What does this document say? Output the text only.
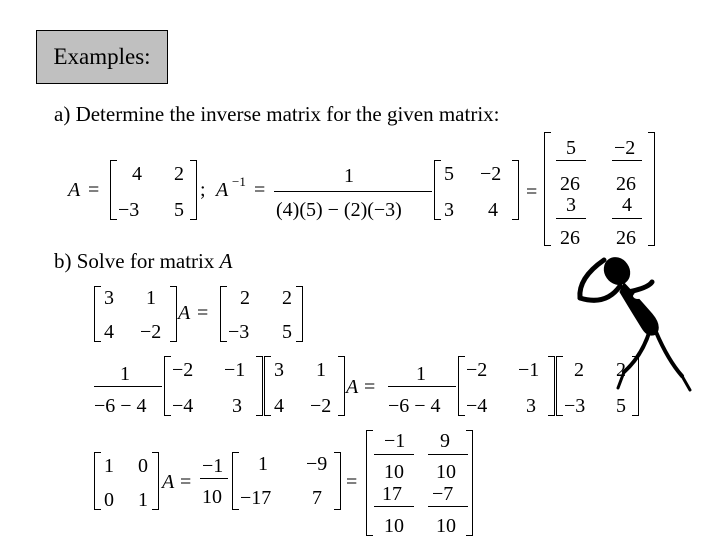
Examples:
a) Determine the inverse matrix for the given matrix:
A =
4 2
−3 5
; A −1 =
1
(4)(5) − (2)(−3)
5 −2
3 4
=
5 −2
26 26
3 4
26 26
b) Solve for matrix A
3 1
4 −2
A =
2 2
−3 5
1
−6 − 4
−2 −1
−4 3
3 1
4 −2
A =
1
−6 − 4
−2 −1
−4 3
2 2
−3 5
1 0
0 1
A =
−1
10
1 −9
−17 7
=
−1 9
10 10
17 −7
10 10
